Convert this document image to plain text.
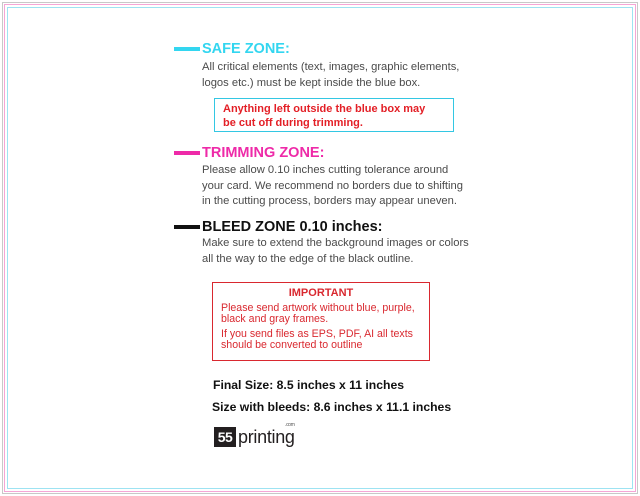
SAFE ZONE:
All critical elements (text, images, graphic elements,
logos etc.) must be kept inside the blue box.
Anything left outside the blue box may
be cut off during trimming.
TRIMMING ZONE:
Please allow 0.10 inches cutting tolerance around
your card. We recommend no borders due to shifting
in the cutting process, borders may appear uneven.
BLEED ZONE 0.10 inches:
Make sure to extend the background images or colors
all the way to the edge of the black outline.
IMPORTANT
Please send artwork without blue, purple,
black and gray frames.
If you send files as EPS, PDF, AI all texts
should be converted to outline
Final Size: 8.5 inches x 11 inches
Size with bleeds: 8.6 inches x 11.1 inches
55 printing
.com
